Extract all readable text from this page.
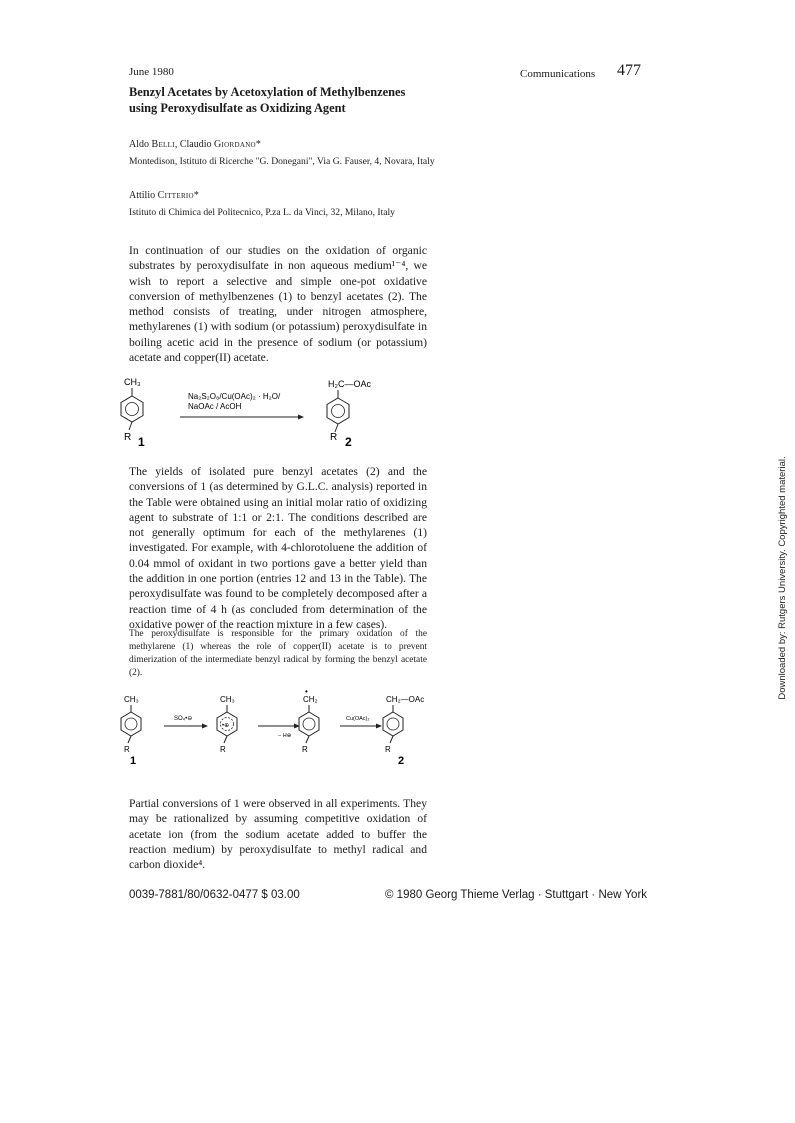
June 1980	Communications 477
Benzyl Acetates by Acetoxylation of Methylbenzenes using Peroxydisulfate as Oxidizing Agent
Aldo Belli, Claudio Giordano*
Montedison, Istituto di Ricerche "G. Donegani", Via G. Fauser, 4, Novara, Italy
Attilio Citterio*
Istituto di Chimica del Politecnico, P.za L. da Vinci, 32, Milano, Italy
In continuation of our studies on the oxidation of organic substrates by peroxydisulfate in non aqueous medium¹⁻⁴, we wish to report a selective and simple one-pot oxidative conversion of methylbenzenes (1) to benzyl acetates (2). The method consists of treating, under nitrogen atmosphere, methylarenes (1) with sodium (or potassium) peroxydisulfate in boiling acetic acid in the presence of sodium (or potassium) acetate and copper(II) acetate.
CH₃
R 1
Na₂S₂O₈/Cu(OAc)₂ · H₂O/
NaOAc / AcOH
H₂C—OAc
R 2
The yields of isolated pure benzyl acetates (2) and the conversions of 1 (as determined by G.L.C. analysis) reported in the Table were obtained using an initial molar ratio of oxidizing agent to substrate of 1:1 or 2:1. The conditions described are not generally optimum for each of the methylarenes (1) investigated. For example, with 4-chlorotoluene the addition of 0.04 mmol of oxidant in two portions gave a better yield than the addition in one portion (entries 12 and 13 in the Table). The peroxydisulfate was found to be completely decomposed after a reaction time of 4 h (as concluded from determination of the oxidative power of the reaction mixture in a few cases).
The peroxydisulfate is responsible for the primary oxidation of the methylarene (1) whereas the role of copper(II) acetate is to prevent dimerization of the intermediate benzyl radical by forming the benzyl acetate (2).
CH₃
R
1
SO₄•⊖
CH₃
•⊕
R
− H⊕
•
CH₂
R
Cu(OAc)₂
CH₂—OAc
R
2
Partial conversions of 1 were observed in all experiments. They may be rationalized by assuming competitive oxidation of acetate ion (from the sodium acetate added to buffer the reaction medium) by peroxydisulfate to methyl radical and carbon dioxide⁴.
0039-7881/80/0632-0477 $ 03.00	© 1980 Georg Thieme Verlag · Stuttgart · New York
Downloaded by: Rutgers University. Copyrighted material.
